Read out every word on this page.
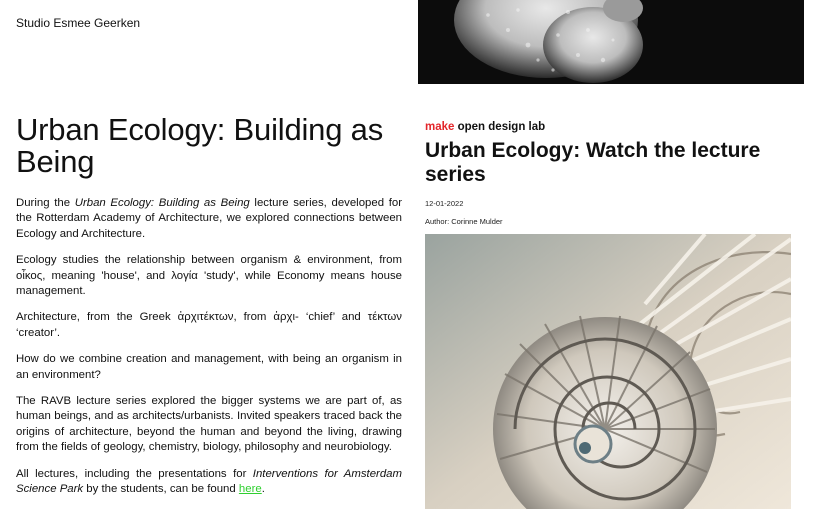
Studio Esmee Geerken
Urban Ecology: Building as Being

During the Urban Ecology: Building as Being lecture series, developed for the Rotterdam Academy of Architecture, we explored connections between Ecology and Architecture.

Ecology studies the relationship between organism & environment, from οἶκος, meaning 'house', and λογία 'study', while Economy means house management.

Architecture, from the Greek ἀρχιτέκτων, from ἀρχι- ‘chief’ and τέκτων ‘creator’.

How do we combine creation and management, with being an organism in an environment?

The RAVB lecture series explored the bigger systems we are part of, as human beings, and as architects/urbanists. Invited speakers traced back the origins of architecture, beyond the human and beyond the living, drawing from the fields of geology, chemistry, biology, philosophy and neurobiology.

All lectures, including the presentations for Interventions for Amsterdam Science Park by the students, can be found here.

make open design lab

Urban Ecology: Watch the lecture series
12-01-2022
Author: Corinne Mulder
